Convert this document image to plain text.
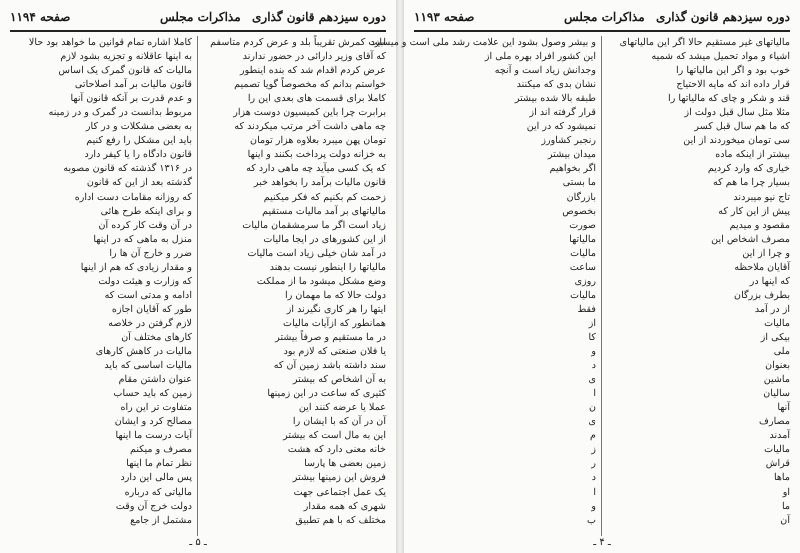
صفحه ۱۱۹۴	مذاکرات مجلس دوره سیزدهم قانون گذاری
ابیت کمرش تقریباً بلد و عرض کردم متاسفم
که آقای وزیر دارائی در حضور ندارند
عرض کردم اقدام شد که بنده اینطور
خواستم بدانم که مخصوصاً گویا تصمیم
کاملا برای قسمت های بعدی این را
برابرت چرا باین کمیسیون دوست هزار
چه ماهی داشت آخر مرتب میکردند که
تومان پهن میبرد بعلاوه هزار تومان
به خزانه دولت پرداخت بکنند و اینها
که یک کسی میآید چه ماهی دارد که
قانون مالیات برآمد را بخواهد خبر
زحمت کم بکنیم که فکر میکنیم
مالیاتهای بر آمد مالیات مستقیم
زیاد است اگر ما سرمشقمان مالیات
از این کشورهای در ایجا مالیات
در آمد شان خیلی زیاد است مالیات
مالیاتها را اینطور نیست بدهند
وضع مشکل میشود ما از مملکت
دولت حالا که ما مهمان را
ایتها را هر کاری نگیرند از
همانطور که ازآیات مالیات
در ما مستقیم و صرفاً بیشتر
یا فلان صنعتی که لازم بود
سند داشته باشد زمین آن که
به آن اشخاص که بیشتر
کثیری که ساعت در این زمینها
عملا یا عرضه کنند این
آن در آن که با ایشان را
این به مال است که بیشتر
خانه معنی دارد که هشت
زمین بعضی ها پارسا
فروش این زمینها بیشتر
یک عمل اجتماعی جهت
شهری که همه مقدار
مختلف که با هم تطبیق
کاملا اشاره تمام قوانین ما خواهد بود حالا
به اینها عاقلانه و تجزیه بشود لازم
مالیات که قانون گمرک یک اساس
قانون مالیات بر آمد اصلاحاتی
و عدم قدرت بر آنکه قانون آنها
مربوط بدانست در گمرک و در زمینه
به بعضی مشکلات و در کار
باید این مشکل را رفع کنیم
قانون دادگاه را یا کیفر دارد
در ۱۳۱۶ گذشته که قانون مصوبه
گذشته بعد از این که قانون
که روزانه مقامات دست اداره
و برای اینکه طرح هائی
در آن وقت کار کرده آن
منزل به ماهی که در اینها
ضرر و خارج آن ها را
و مقدار زیادی که هم از اینها
که وزارت و هیئت دولت
ادامه و مدتی است که
طور که آقایان اجازه
لازم گرفتن در خلاصه
کارهای مختلف آن
مالیات در کاهش کارهای
مالیات اساسی که باید
عنوان داشتن مقام
زمین که باید حساب
متفاوت تر این راه
مصالح کرد و ایشان
آیات درست ما اینها
مصرف و میکنم
نظر تمام ما اینها
پس مالی این دارد
مالیاتی که درباره
دولت خرج آن وقت
مشتمل از جامع
ـ ۵ ـ
صفحه ۱۱۹۳	مذاکرات مجلس دوره سیزدهم قانون گذاری
مالیاتهای غیر مستقیم حالا اگر این مالیاتهای
اشیاء و مواد تحمیل میشد که شمیه
خوب بود و اگر این مالیاتها را
قرار داده اند که مایه الاحتیاج
قند و شکر و چای که مالیاتها را
مثلا مثل سال قبل دولت از
که ما هم سال قبل کسر
سی تومان میخوردند از این
بیشتر از اینکه ماده
خیاری که وارد کردیم
بسیار چرا ما هم که
تاج نیو میبردند
پیش از این کار که
مقصود و میدیم
مصرف اشخاص این
و چرا از این
آقایان ملاحظه
که اینها در
بطرف بزرگان
از در آمد
مالیات
بیکی از
ملی
بعنوان
ماشین
سالیان
آنها
مصارف
آمدند
مالیات
قراش
ماها
او
ما
آن
و بیشر وصول بشود این علامت رشد ملی است و میسازد
این کشور افراد بهره ملی از
وجدانش زیاد است و آنچه
نشان بدی که میکنند
طبقه بالا شده بیشتر
قرار گرفته اند از
نمیشود که در این
رنجبر کشاورز
میدان بیشتر
اگر بخواهیم
ما بستی
بازرگان
بخصوص
صورت
مالیاتها
مالیات
ساعت
روزی
مالیات
فقط
از
کا
و
د
ی
ا
ن
ی
م
ز
ر
د
ا
و
ب
ـ ۴ ـ
